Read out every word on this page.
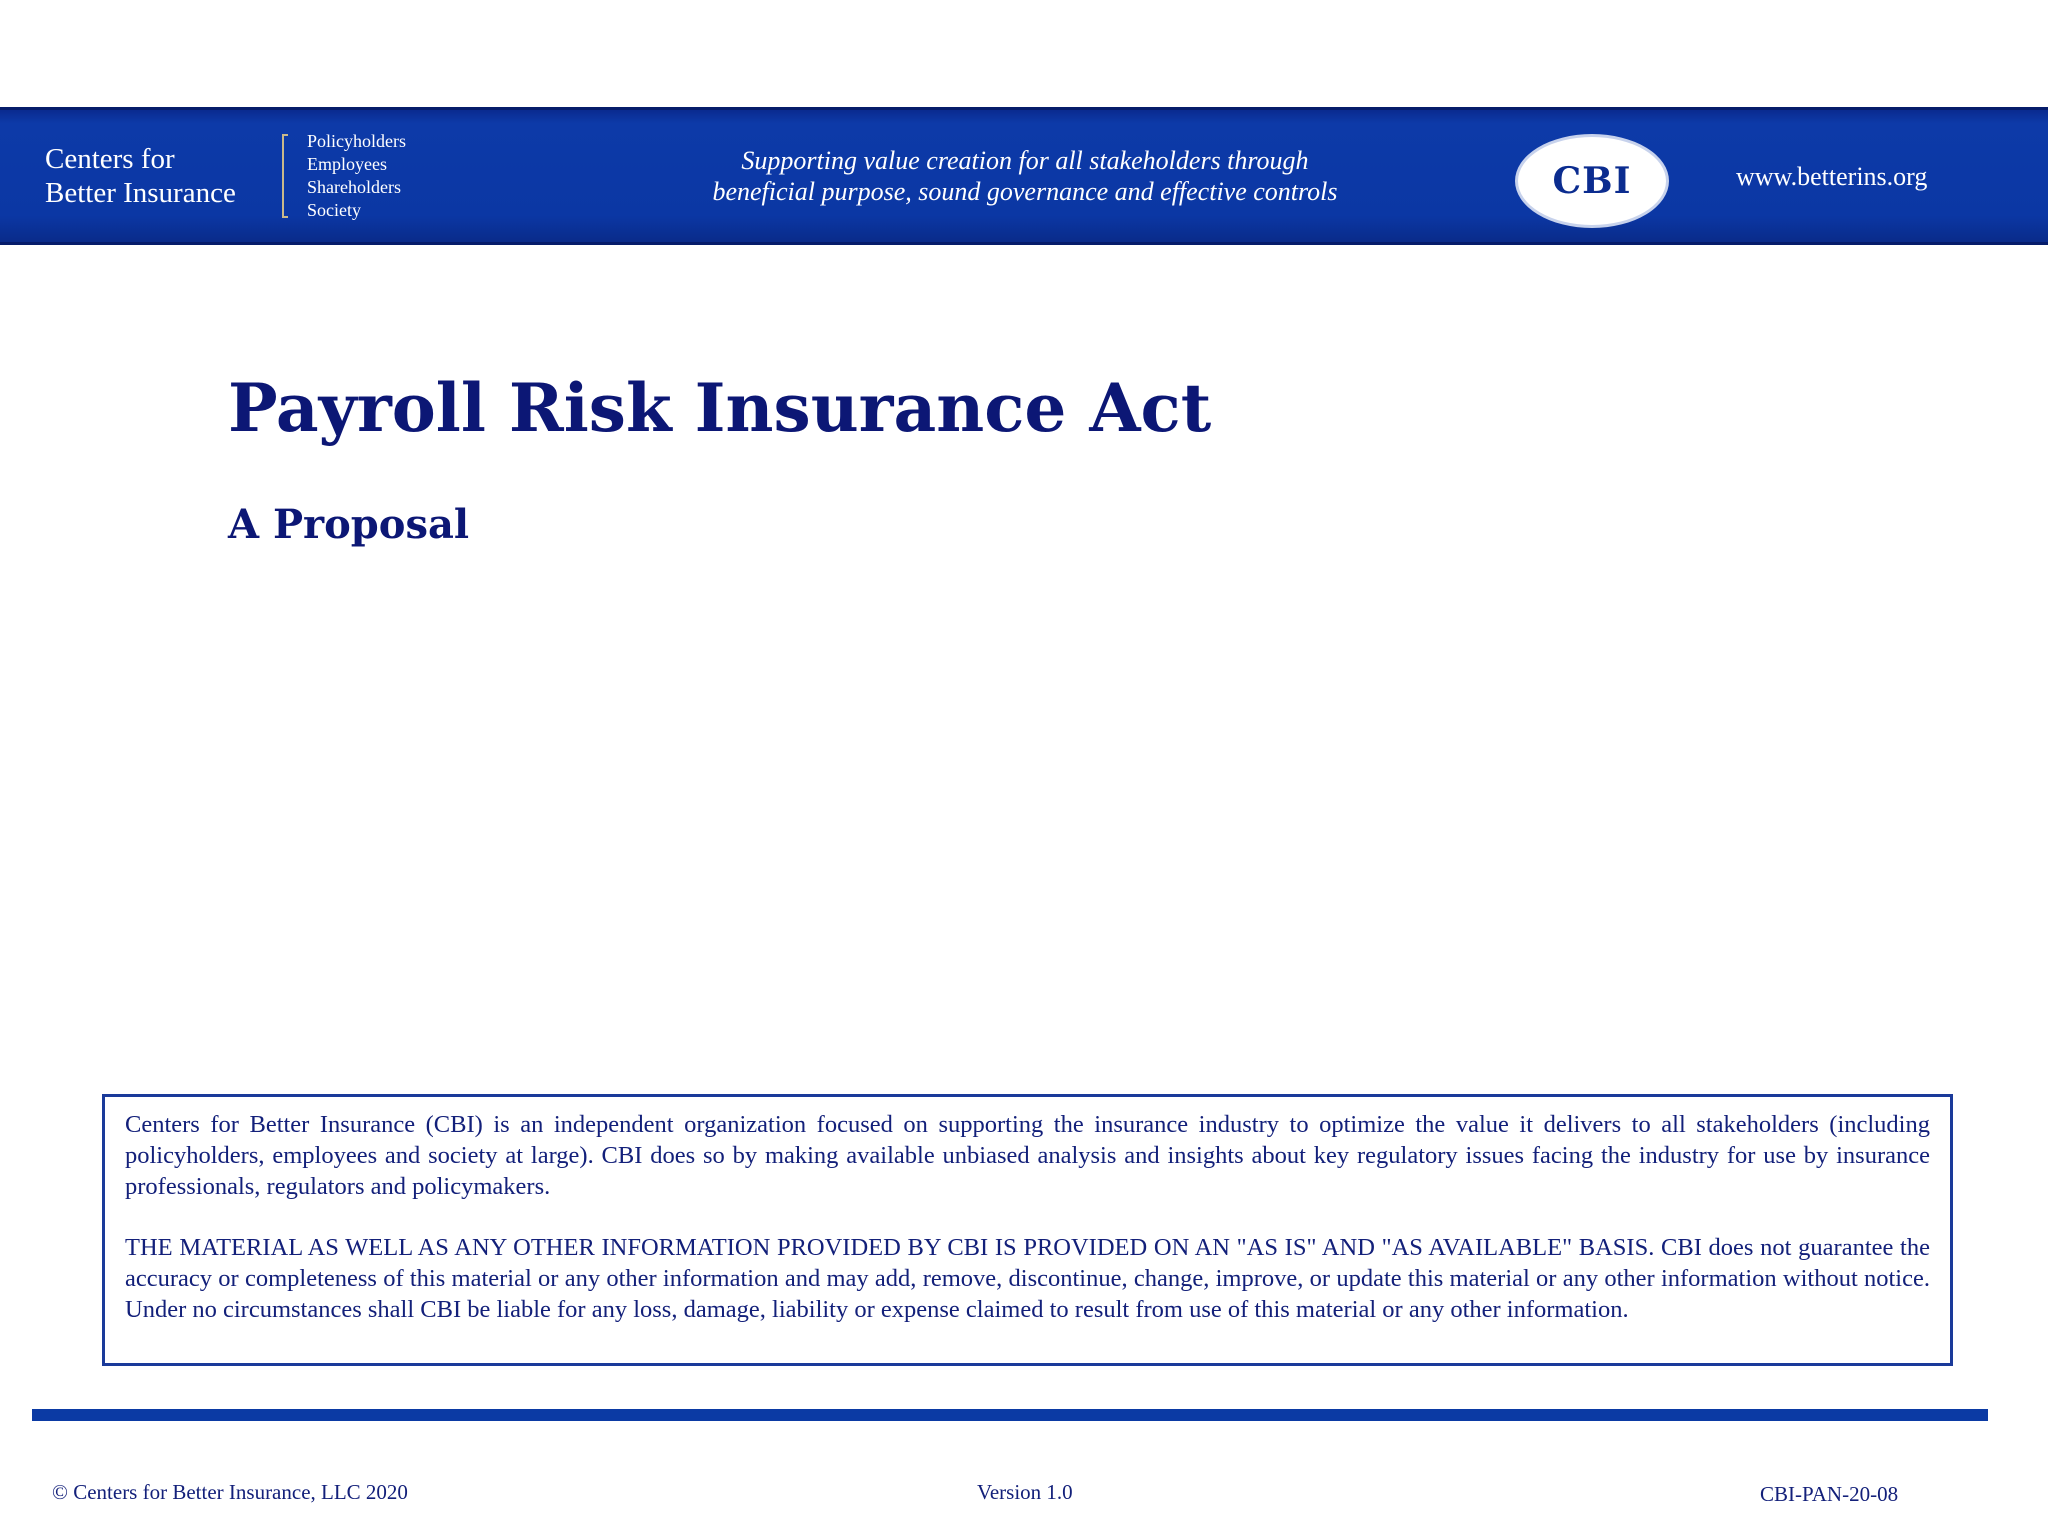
Centers for
Better Insurance
Policyholders
Employees
Shareholders
Society
Supporting value creation for all stakeholders through
beneficial purpose, sound governance and effective controls	CBI	www.betterins.org
Payroll Risk Insurance Act
A Proposal

Centers for Better Insurance (CBI) is an independent organization focused on supporting the insurance industry to optimize the value it delivers to all stakeholders (including policyholders, employees and society at large). CBI does so by making available unbiased analysis and insights about key regulatory issues facing the industry for use by insurance professionals, regulators and policymakers.

THE MATERIAL AS WELL AS ANY OTHER INFORMATION PROVIDED BY CBI IS PROVIDED ON AN "AS IS" AND "AS AVAILABLE" BASIS. CBI does not guarantee the accuracy or completeness of this material or any other information and may add, remove, discontinue, change, improve, or update this material or any other information without notice. Under no circumstances shall CBI be liable for any loss, damage, liability or expense claimed to result from use of this material or any other information.

© Centers for Better Insurance, LLC 2020	Version 1.0	CBI-PAN-20-08
